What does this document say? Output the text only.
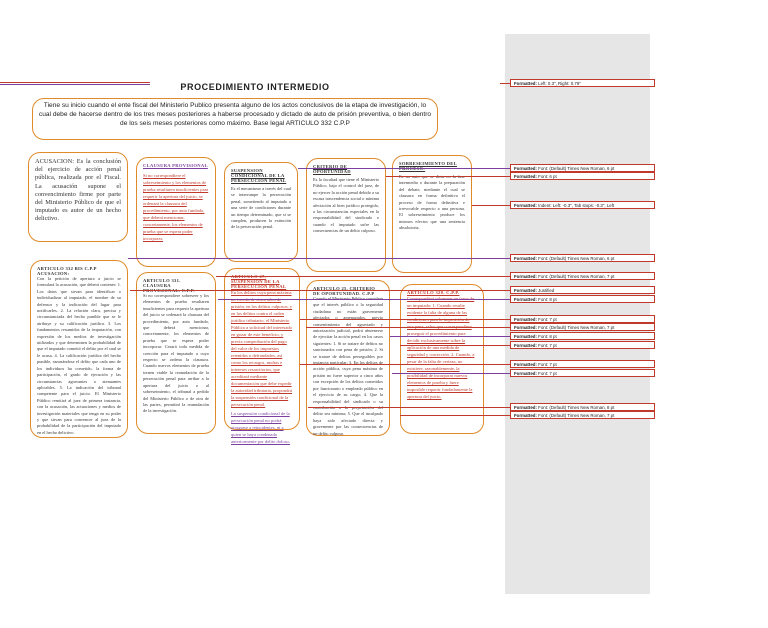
PROCEDIMIENTO INTERMEDIO
Tiene su inicio cuando el ente fiscal del Ministerio Publico presenta alguno de los actos conclusivos de la etapa de investigación, lo cual debe de hacerse dentro de los tres meses posteriores a haberse procesado y dictado de auto de prisión preventiva, o bien dentro de los seis meses posteriores como máximo. Base legal ARTICULO 332 C.P.P
ACUSACION: Es la conclusión del ejercicio de acción penal pública, realizada por el Fiscal. La acusación supone el convencimiento firme por parte del Ministerio Público de que el imputado es autor de un hecho delictivo.
CLAUSURA PROVISIONAL
Si no correspondiere el sobreseimiento y los elementos de prueba resultaren insuficientes para requerir la apertura del juicio, se ordenará la clausura del procedimiento, por auto fundado, que deberá mencionar, concretamente, los elementos de prueba que se espera poder incorporar.
SUSPENSION CONDICIONAL DE LA PERSECUCION PENAL
Es el mecanismo a través del cual se interrumpe la persecución penal, sometiendo al imputado a una serie de condiciones durante un tiempo determinado, que si se cumplen, producen la extinción de la persecución penal.
CRITERIO DE OPORTUNIDAD
Es la facultad que tiene el Ministerio Público, bajo el control del juez, de no ejercer la acción penal debido a su escasa trascendencia social o mínima afectación al bien jurídico protegido, a las circunstancias especiales en la responsabilidad del sindicado o cuando el imputado sufre las consecuencias de un delito culposo.
SOBRESEIMIENTO DEL PROCESO:
Es un auto que se dicta en la fase intermedia o durante la preparación del debate, mediante el cual se clausura en forma definitiva el proceso de forma definitiva e irrevocable respecto a una persona. El sobreseimiento produce los mismos efectos que una sentencia absolutoria.
ARTICULO 332 BIS C.P.P ACUSACION:
Con la petición de apertura a juicio se formulará la acusación, que deberá contener: 1. Los datos que sirvan para identificar o individualizar al imputado, el nombre de su defensor y la indicación del lugar para notificarles. 2. La relación clara, precisa y circunstanciada del hecho punible que se le atribuye y su calificación jurídica. 3. Los fundamentos resumidos de la imputación, con expresión de los medios de investigación utilizados y que determinen la probabilidad de que el imputado cometió el delito por el cual se le acusa. 4. La calificación jurídica del hecho punible, razonándose el delito que cada uno de los individuos ha cometido, la forma de participación, el grado de ejecución y las circunstancias agravantes o atenuantes aplicables. 5. La indicación del tribunal competente para el juicio. El Ministerio Público remitirá al juez de primera instancia, con la acusación, las actuaciones y medios de investigación materiales que tenga en su poder y que sirvan para convencer al juez de la probabilidad de la participación del imputado en el hecho delictivo.
ARTICULO 331. CLAUSURA PROVISIONAL. C.P.P.
Si no correspondiere sobreseer y los elementos de prueba resultaren insuficientes para requerir la apertura del juicio se ordenará la clausura del procedimiento, por auto fundado, que deberá mencionar, concretamente, los elementos de prueba que se espera poder incorporar. Cesará toda medida de coerción para el imputado a cuyo respecto se ordena la clausura. Cuando nuevos elementos de prueba tornen viable la reanudación de la persecución penal para arribar a la apertura del juicio o al sobreseimiento, el tribunal a pedido del Ministerio Público o de otra de las partes, permitirá la reanudación de la investigación.
ARTICULO 27. SUSPENSION DE LA PERSECUCION PENAL
En los delitos cuya pena máxima no exceda de cinco años de prisión, en los delitos culposos, y en los delitos contra el orden jurídico tributario, el Ministerio Público a solicitud del interesado en gozar de este beneficio, y previa comprobación del pago del valor de los impuestos retenidos o defraudados, así como los recargos, multas e intereses resarcitorios, que acreditará mediante documentación que debe expedir la autoridad tributaria, propondrá la suspensión condicional de la persecución penal.
La suspensión condicional de la persecución penal no podrá otorgarse a reincidentes, ni a quien se haya condenado anteriormente por delito doloso.
ARTICULO 25. CRITERIO DE OPORTUNIDAD. C.P.P
Cuando el Ministerio Público considere que el interés público o la seguridad ciudadana no están gravemente afectados o amenazados, previo consentimiento del agraviado y autorización judicial, podrá abstenerse de ejercitar la acción penal en los casos siguientes: 1. Si se tratare de delitos no sancionados con pena de prisión; 2. Si se tratare de delitos perseguibles por instancia particular; 3. En los delitos de acción pública, cuya pena máxima de prisión no fuere superior a cinco años con excepción de los delitos cometidos por funcionario o empleado público en el ejercicio de su cargo; 4. Que la responsabilidad del sindicado o su contribución a la perpetración del delito sea mínima; 5. Que el inculpado haya sido afectado directa y gravemente por las consecuencias de un delito culposo.
ARTICULO 328. C.P.P.
Corresponderá sobreseer en favor de un imputado: 1. Cuando resulte evidente la falta de alguna de las condiciones para la imposición de una pena, salvo que correspondiere proseguir el procedimiento para decidir exclusivamente sobre la aplicación de una medida de seguridad y corrección. 2. Cuando, a pesar de la falta de certeza, no existiere, razonablemente, la posibilidad de incorporar nuevos elementos de prueba y fuere imposible requerir fundadamente la apertura del juicio.
Formatted: Left: 0.3", Right: 0.79"
Formatted: Font: (Default) Times New Roman, 6 pt
Formatted: Font: 6 pt
Formatted: Indent: Left: -0.3", Tab stops: -0.3", Left
Formatted: Font: (Default) Times New Roman, 6 pt
Formatted: Font: (Default) Times New Roman, 7 pt
Formatted: Justified
Formatted: Font: 8 pt
Formatted: Font: 7 pt
Formatted: Font: (Default) Times New Roman, 7 pt
Formatted: Font: 8 pt
Formatted: Font: 7 pt
Formatted: Font: 7 pt
Formatted: Font: 7 pt
Formatted: Font: (Default) Times New Roman, 8 pt
Formatted: Font: (Default) Times New Roman, 7 pt
